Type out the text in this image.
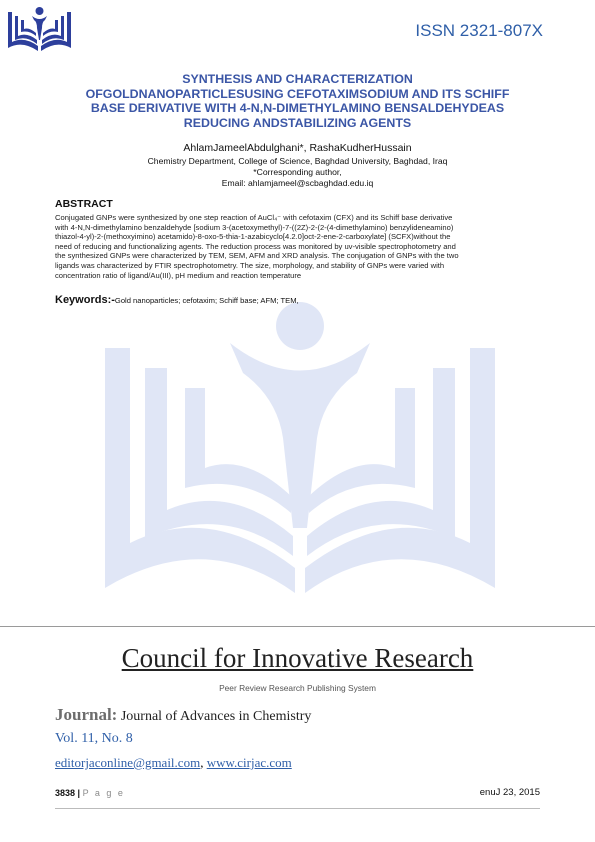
ISSN 2321-807X
SYNTHESIS AND CHARACTERIZATION
OFGOLDNANOPARTICLESUSING CEFOTAXIMSODIUM AND ITS SCHIFF
BASE DERIVATIVE WITH 4-N,N-DIMETHYLAMINO BENSALDEHYDEAS
REDUCING ANDSTABILIZING AGENTS
AhlamJameelAbdulghani*, RashaKudherHussain
Chemistry Department, College of Science, Baghdad University, Baghdad, Iraq
*Corresponding author,
Email: ahlamjameel@scbaghdad.edu.iq
ABSTRACT
Conjugated GNPs were synthesized by one step reaction of AuCl₄⁻ with cefotaxim (CFX) and its Schiff base derivative
with 4-N,N-dimethylamino benzaldehyde [sodium 3-(acetoxymethyl)-7-((2Z)-2-(2-(4-dimethylamino) benzylideneamino)
thiazol-4-yl)-2-(methoxyimino) acetamido)-8-oxo-5-thia-1-azabicyclo[4.2.0]oct-2-ene-2-carboxylate] (SCFX)without the
need of reducing and functionalizing agents. The reduction process was monitored by uv-visible spectrophotometry and
the synthesized GNPs were characterized by TEM, SEM, AFM and XRD analysis. The conjugation of GNPs with the two
ligands was characterized by FTIR spectrophotometry. The size, morphology, and stability of GNPs were varied with
concentration ratio of ligand/Au(III), pH medium and reaction temperature
Keywords:-Gold nanoparticles; cefotaxim; Schiff base; AFM; TEM,
Council for Innovative Research
Peer Review Research Publishing System
Journal: Journal of Advances in Chemistry
Vol. 11, No. 8
editorjaconline@gmail.com, www.cirjac.com
3838 | P a g e	enuJ 23, 2015
